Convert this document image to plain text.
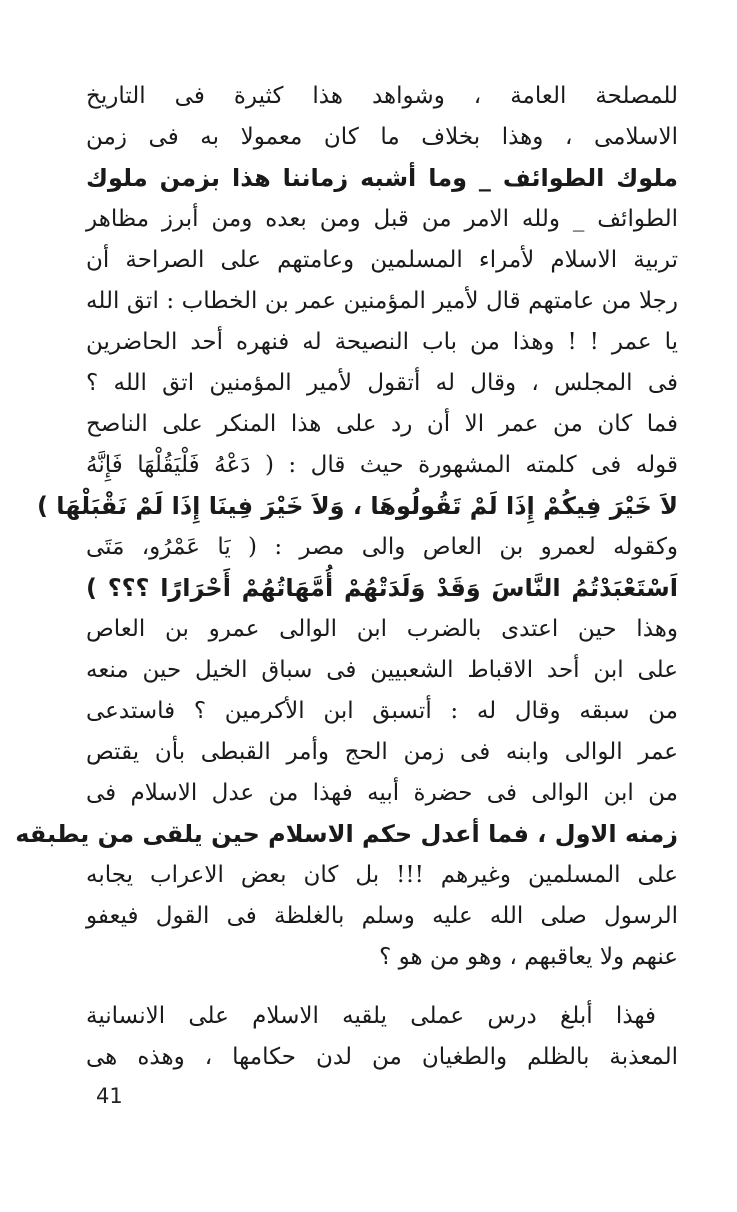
للمصلحة العامة ، وشواهد هذا كثيرة فى التاريخ
الاسلامى ، وهذا بخلاف ما كان معمولا به فى زمن
ملوك الطوائف _ وما أشبه زماننا هذا بزمن ملوك
الطوائف _ ولله الامر من قبل ومن بعده ومن أبرز مظاهر
تربية الاسلام لأمراء المسلمين وعامتهم على الصراحة أن
رجلا من عامتهم قال لأمير المؤمنين عمر بن الخطاب : اتق الله
يا عمر ! ! وهذا من باب النصيحة له فنهره أحد الحاضرين
فى المجلس ، وقال له أتقول لأمير المؤمنين اتق الله ؟
فما كان من عمر الا أن رد على هذا المنكر على الناصح
قوله فى كلمته المشهورة حيث قال : ( دَعْهُ فَلْيَقُلْهَا فَإِنَّهُ
لاَ خَيْرَ فِيكُمْ إِذَا لَمْ تَقُولُوهَا ، وَلاَ خَيْرَ فِينَا إِذَا لَمْ نَقْبَلْهَا )
وكقوله لعمرو بن العاص والى مصر : ( يَا عَمْرُو، مَتَى
اَسْتَعْبَدْتُمُ النَّاسَ وَقَدْ وَلَدَتْهُمْ أُمَّهَاتُهُمْ أَحْرَارًا ؟؟؟ )
وهذا حين اعتدى بالضرب ابن الوالى عمرو بن العاص
على ابن أحد الاقباط الشعبيين فى سباق الخيل حين منعه
من سبقه وقال له : أتسبق ابن الأكرمين ؟ فاستدعى
عمر الوالى وابنه فى زمن الحج وأمر القبطى بأن يقتص
من ابن الوالى فى حضرة أبيه فهذا من عدل الاسلام فى
زمنه الاول ، فما أعدل حكم الاسلام حين يلقى من يطبقه
على المسلمين وغيرهم !!! بل كان بعض الاعراب يجابه
الرسول صلى الله عليه وسلم بالغلظة فى القول فيعفو
عنهم ولا يعاقبهم ، وهو من هو ؟
فهذا أبلغ درس عملى يلقيه الاسلام على الانسانية
المعذبة بالظلم والطغيان من لدن حكامها ، وهذه هى
41
